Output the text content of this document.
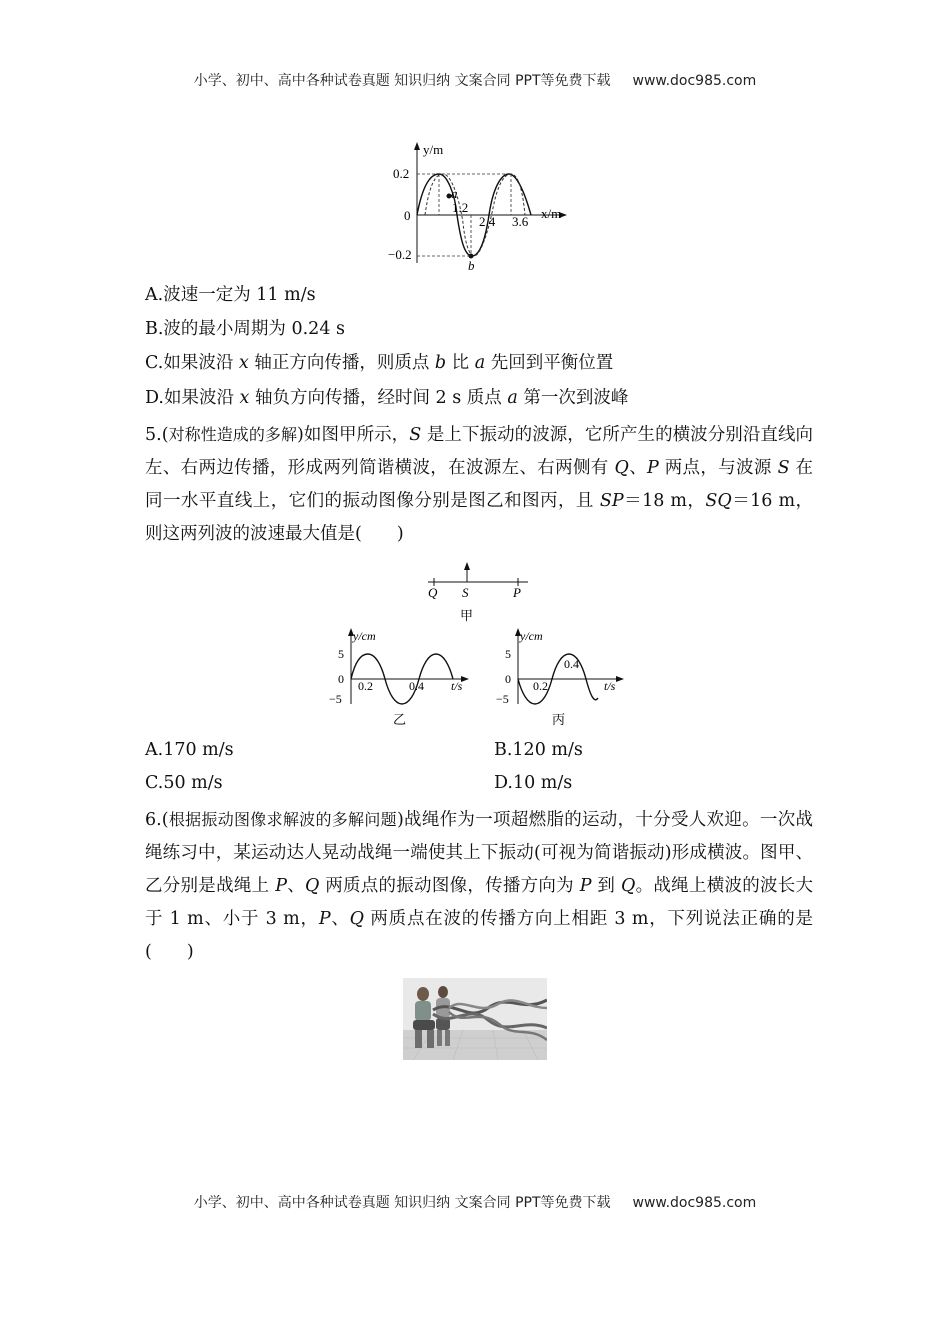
小学、初中、高中各种试卷真题 知识归纳 文案合同 PPT等免费下载 www.doc985.com
y/m
x/m
0.2
−0.2
0
1.2
2.4 3.6
a
b
A.波速一定为 11 m/s
B.波的最小周期为 0.24 s
C.如果波沿 x 轴正方向传播，则质点 b 比 a 先回到平衡位置
D.如果波沿 x 轴负方向传播，经时间 2 s 质点 a 第一次到波峰
5.(对称性造成的多解)如图甲所示，S 是上下振动的波源，它所产生的横波分别沿直线向左、右两边传播，形成两列简谐横波，在波源左、右两侧有 Q、P 两点，与波源 S 在同一水平直线上，它们的振动图像分别是图乙和图丙，且 SP＝18 m，SQ＝16 m，则这两列波的波速最大值是(　　)
Q S	P
甲
y/cm
t/s
5
−5
0 0.2	0.4
乙
y/cm
t/s
5
−5
0 0.2
0.4
丙
A.170 m/s	B.120 m/s
C.50 m/s	D.10 m/s
6.(根据振动图像求解波的多解问题)战绳作为一项超燃脂的运动，十分受人欢迎。一次战绳练习中，某运动达人晃动战绳一端使其上下振动(可视为简谐振动)形成横波。图甲、乙分别是战绳上 P、Q 两质点的振动图像，传播方向为 P 到 Q。战绳上横波的波长大于 1 m、小于 3 m，P、Q 两质点在波的传播方向上相距 3 m，下列说法正确的是(　　)
小学、初中、高中各种试卷真题 知识归纳 文案合同 PPT等免费下载 www.doc985.com
